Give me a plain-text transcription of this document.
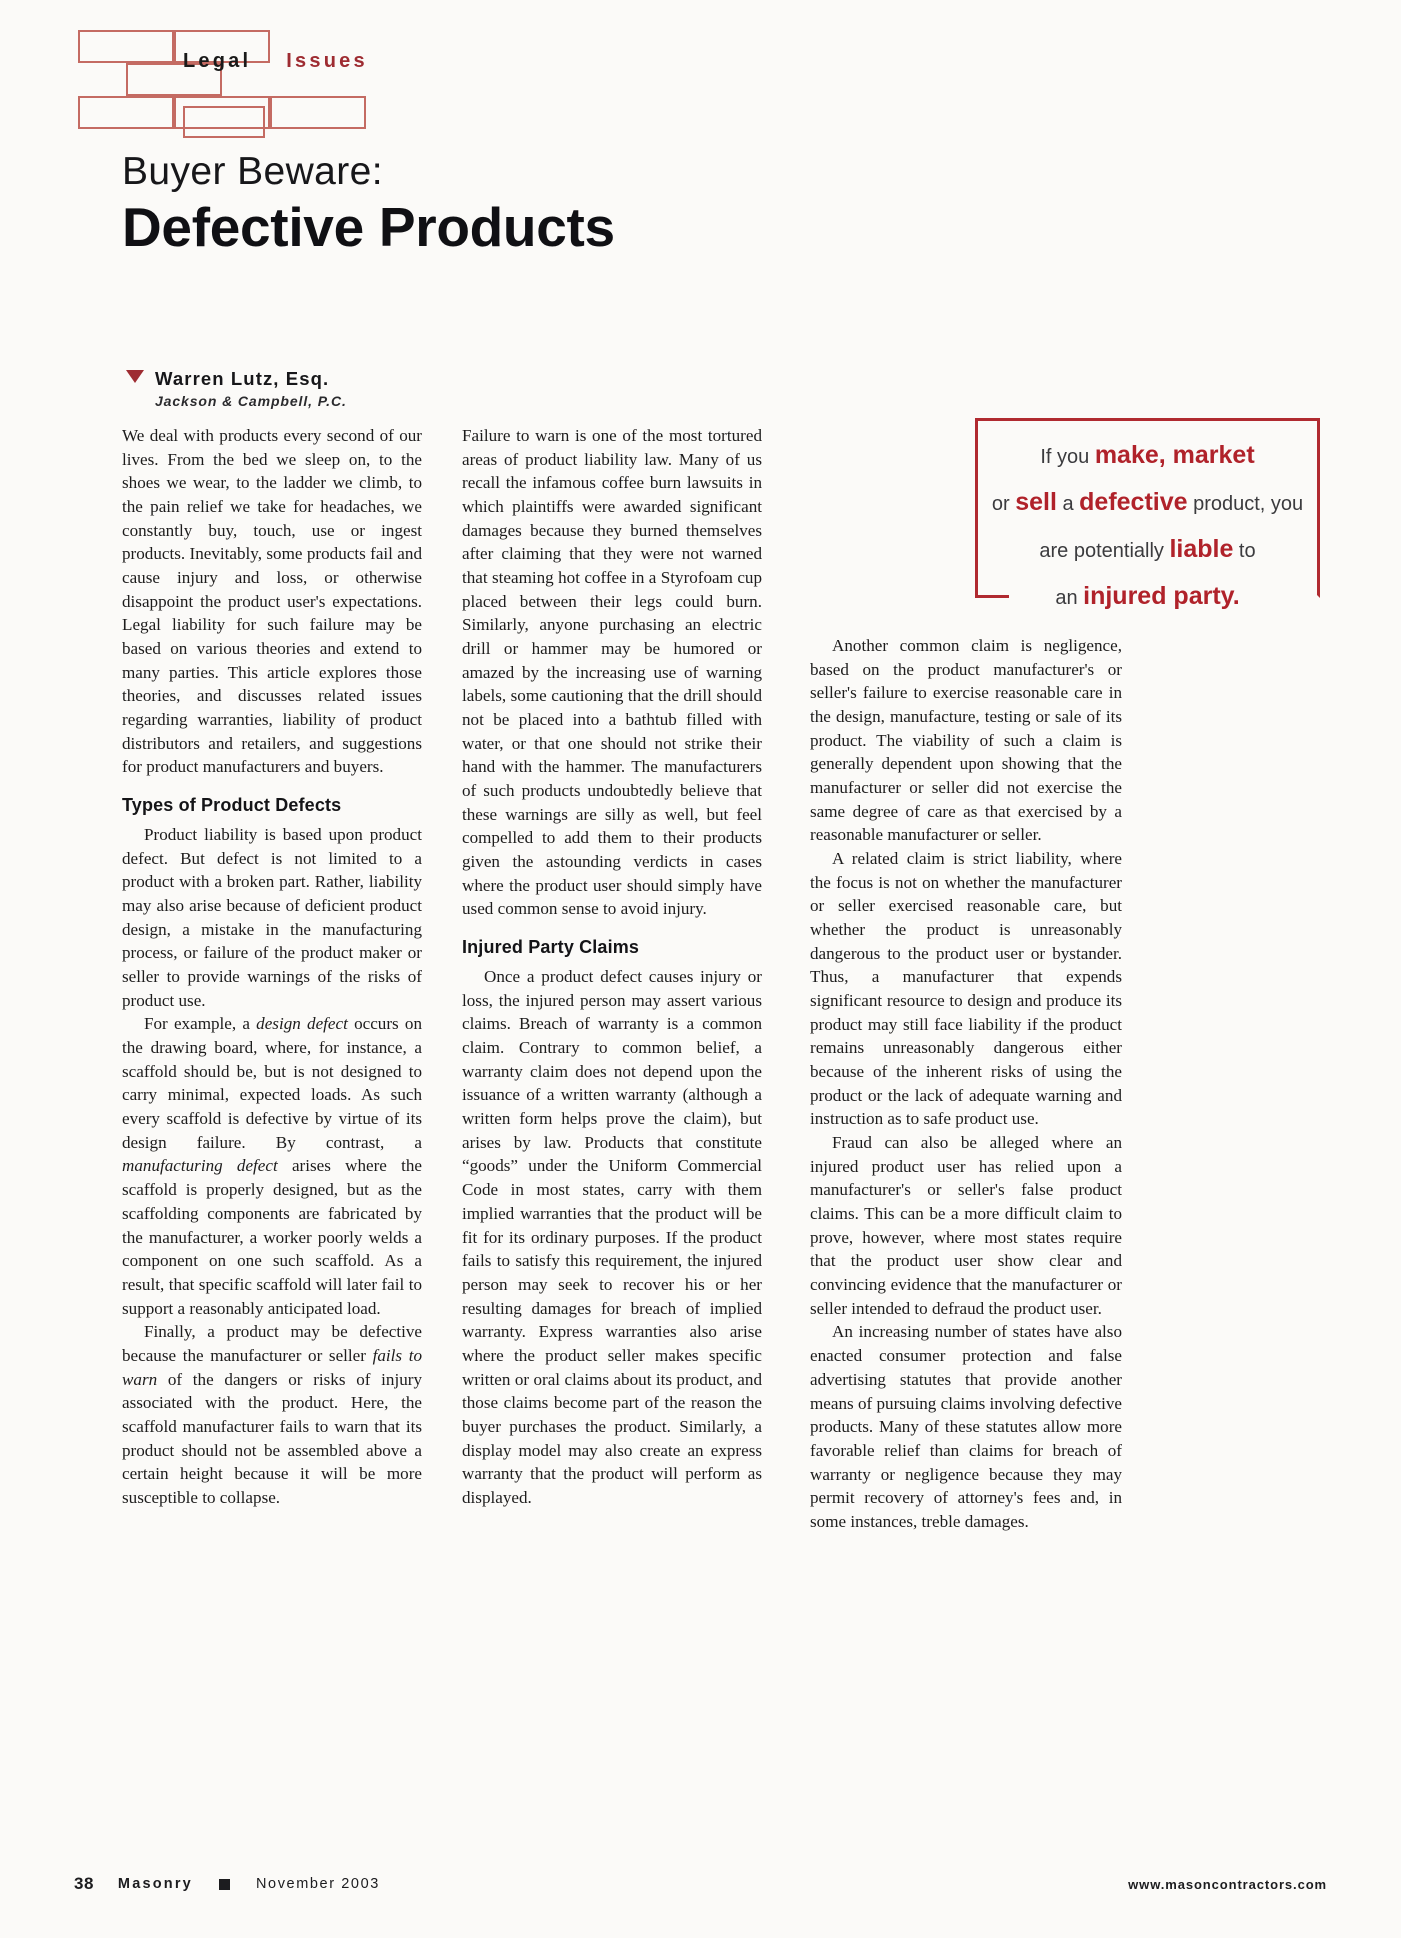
Legal Issues
Buyer Beware:
Defective Products
Warren Lutz, Esq.
Jackson & Campbell, P.C.
If you make, market
or sell a defective product, you
are potentially liable to
an injured party.

We deal with products every second of our lives. From the bed we sleep on, to the shoes we wear, to the ladder we climb, to the pain relief we take for headaches, we constantly buy, touch, use or ingest products. Inevitably, some products fail and cause injury and loss, or otherwise disappoint the product user's expectations. Legal liability for such failure may be based on various theories and extend to many parties. This article explores those theories, and discusses related issues regarding warranties, liability of product distributors and retailers, and suggestions for product manufacturers and buyers.

Types of Product Defects

Product liability is based upon product defect. But defect is not limited to a product with a broken part. Rather, liability may also arise because of deficient product design, a mistake in the manufacturing process, or failure of the product maker or seller to provide warnings of the risks of product use.

For example, a design defect occurs on the drawing board, where, for instance, a scaffold should be, but is not designed to carry minimal, expected loads. As such every scaffold is defective by virtue of its design failure. By contrast, a manufacturing defect arises where the scaffold is properly designed, but as the scaffolding components are fabricated by the manufacturer, a worker poorly welds a component on one such scaffold. As a result, that specific scaffold will later fail to support a reasonably anticipated load.

Finally, a product may be defective because the manufacturer or seller fails to warn of the dangers or risks of injury associated with the product. Here, the scaffold manufacturer fails to warn that its product should not be assembled above a certain height because it will be more susceptible to collapse.

Failure to warn is one of the most tortured areas of product liability law. Many of us recall the infamous coffee burn lawsuits in which plaintiffs were awarded significant damages because they burned themselves after claiming that they were not warned that steaming hot coffee in a Styrofoam cup placed between their legs could burn. Similarly, anyone purchasing an electric drill or hammer may be humored or amazed by the increasing use of warning labels, some cautioning that the drill should not be placed into a bathtub filled with water, or that one should not strike their hand with the hammer. The manufacturers of such products undoubtedly believe that these warnings are silly as well, but feel compelled to add them to their products given the astounding verdicts in cases where the product user should simply have used common sense to avoid injury.

Injured Party Claims

Once a product defect causes injury or loss, the injured person may assert various claims. Breach of warranty is a common claim. Contrary to common belief, a warranty claim does not depend upon the issuance of a written warranty (although a written form helps prove the claim), but arises by law. Products that constitute “goods” under the Uniform Commercial Code in most states, carry with them implied warranties that the product will be fit for its ordinary purposes. If the product fails to satisfy this requirement, the injured person may seek to recover his or her resulting damages for breach of implied warranty. Express warranties also arise where the product seller makes specific written or oral claims about its product, and those claims become part of the reason the buyer purchases the product. Similarly, a display model may also create an express warranty that the product will perform as displayed.

Another common claim is negligence, based on the product manufacturer's or seller's failure to exercise reasonable care in the design, manufacture, testing or sale of its product. The viability of such a claim is generally dependent upon showing that the manufacturer or seller did not exercise the same degree of care as that exercised by a reasonable manufacturer or seller.

A related claim is strict liability, where the focus is not on whether the manufacturer or seller exercised reasonable care, but whether the product is unreasonably dangerous to the product user or bystander. Thus, a manufacturer that expends significant resource to design and produce its product may still face liability if the product remains unreasonably dangerous either because of the inherent risks of using the product or the lack of adequate warning and instruction as to safe product use.

Fraud can also be alleged where an injured product user has relied upon a manufacturer's or seller's false product claims. This can be a more difficult claim to prove, however, where most states require that the product user show clear and convincing evidence that the manufacturer or seller intended to defraud the product user.

An increasing number of states have also enacted consumer protection and false advertising statutes that provide another means of pursuing claims involving defective products. Many of these statutes allow more favorable relief than claims for breach of warranty or negligence because they may permit recovery of attorney's fees and, in some instances, treble damages.

38 Masonry	November 2003	www.masoncontractors.com
